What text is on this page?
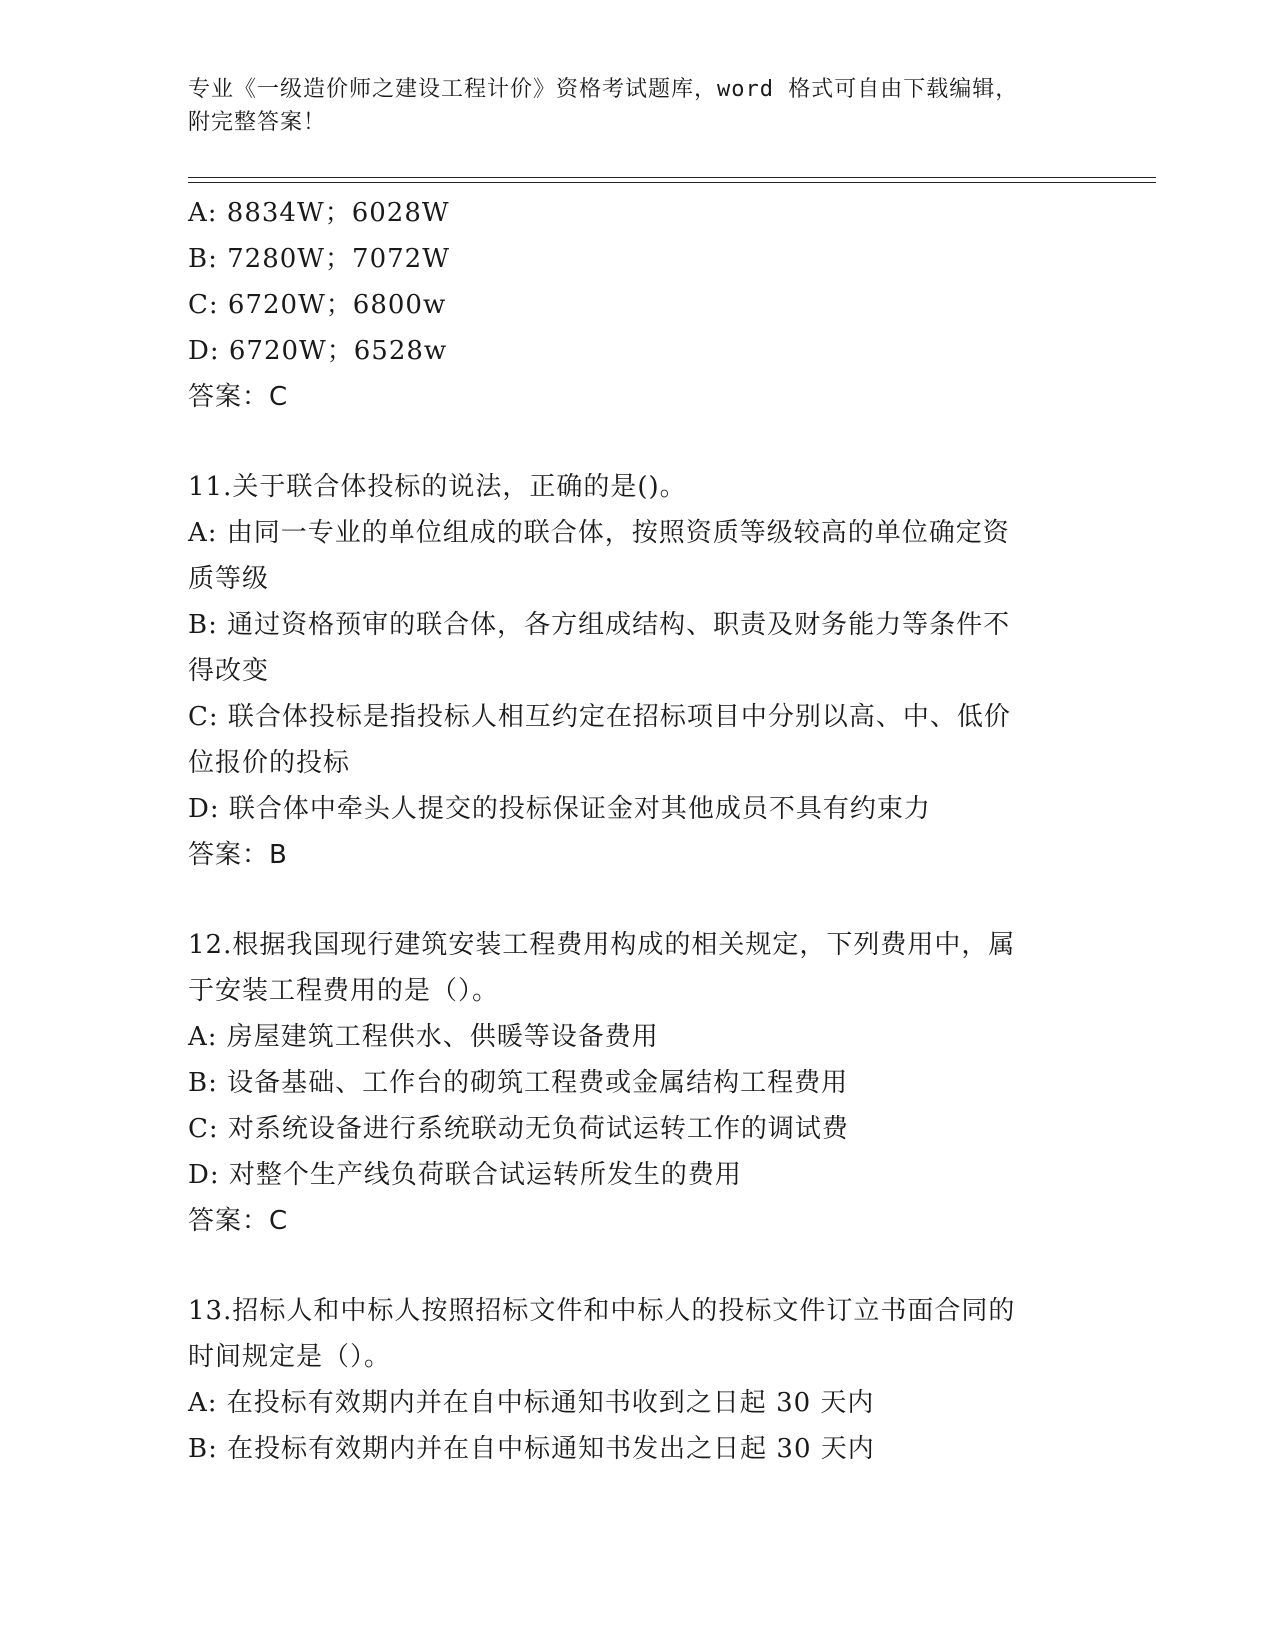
专业《一级造价师之建设工程计价》资格考试题库，word 格式可自由下载编辑，
附完整答案！
A: 8834W；6028W
B: 7280W；7072W
C: 6720W；6800w
D: 6720W；6528w
答案：C
11.关于联合体投标的说法，正确的是()。
A: 由同一专业的单位组成的联合体，按照资质等级较高的单位确定资
质等级
B: 通过资格预审的联合体，各方组成结构、职责及财务能力等条件不
得改变
C: 联合体投标是指投标人相互约定在招标项目中分别以高、中、低价
位报价的投标
D: 联合体中牵头人提交的投标保证金对其他成员不具有约束力
答案：B
12.根据我国现行建筑安装工程费用构成的相关规定，下列费用中，属
于安装工程费用的是（）。
A: 房屋建筑工程供水、供暖等设备费用
B: 设备基础、工作台的砌筑工程费或金属结构工程费用
C: 对系统设备进行系统联动无负荷试运转工作的调试费
D: 对整个生产线负荷联合试运转所发生的费用
答案：C
13.招标人和中标人按照招标文件和中标人的投标文件订立书面合同的
时间规定是（）。
A: 在投标有效期内并在自中标通知书收到之日起 30 天内
B: 在投标有效期内并在自中标通知书发出之日起 30 天内
